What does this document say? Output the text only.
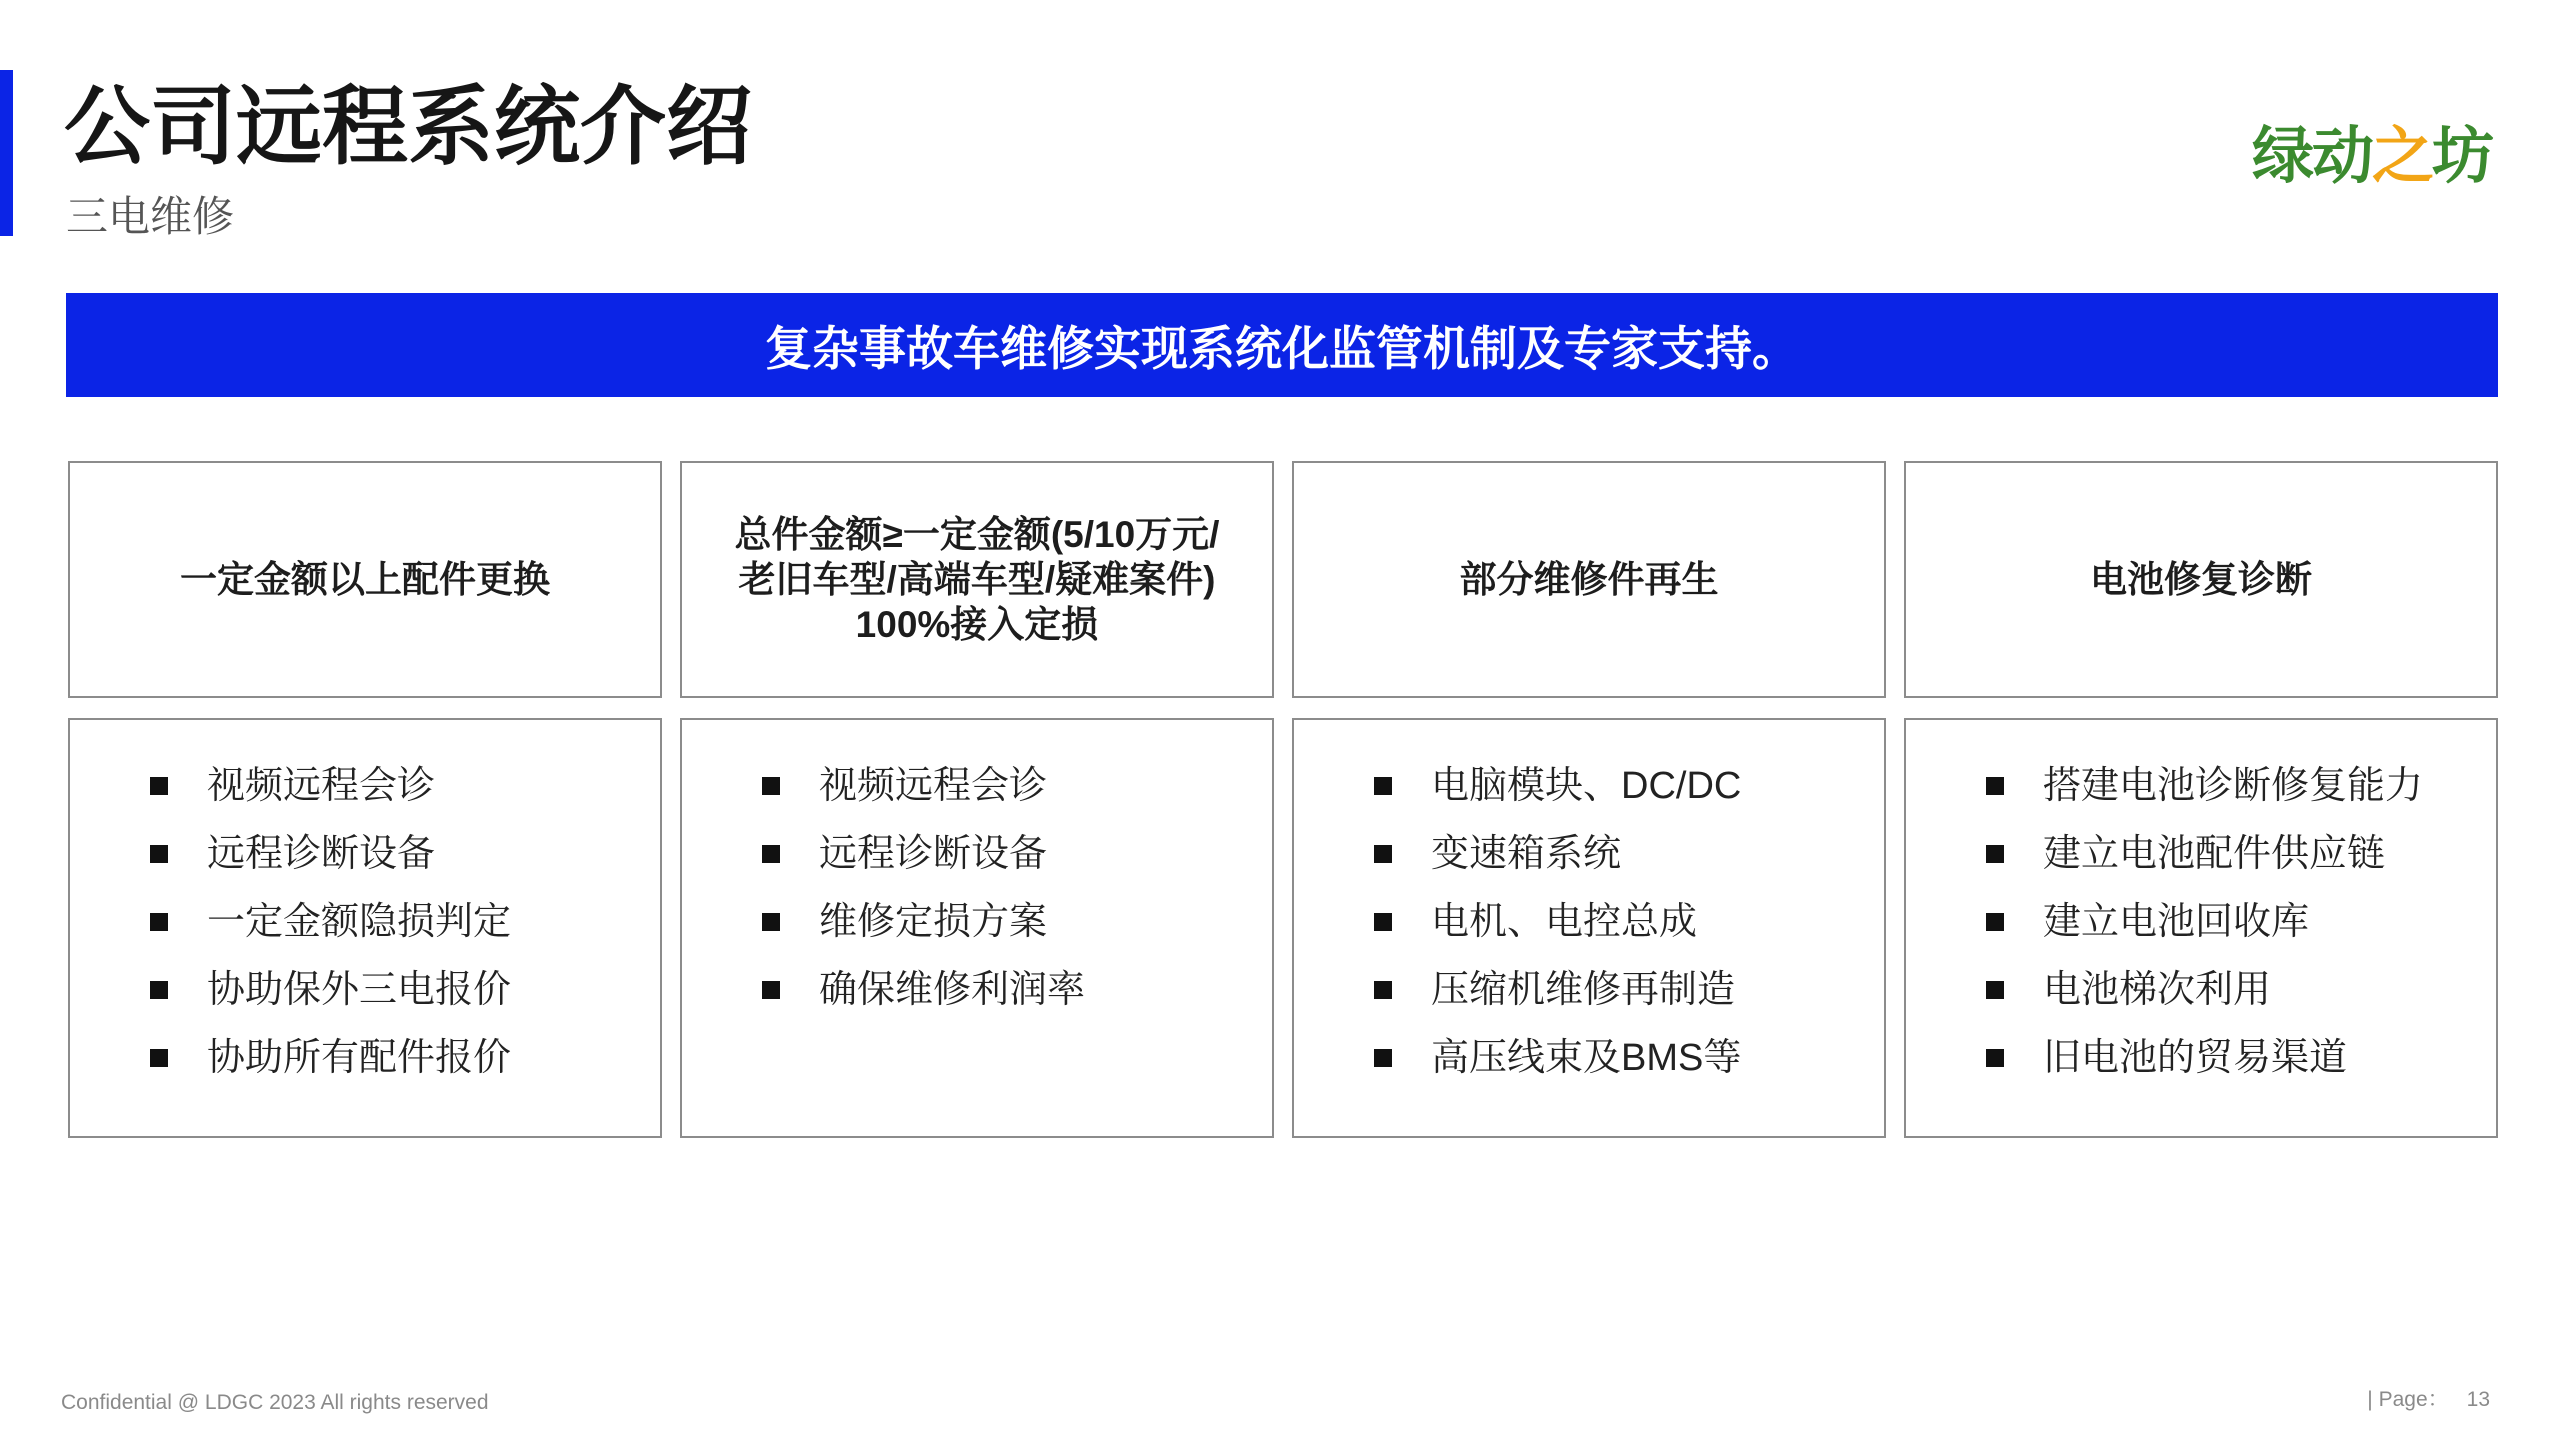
公司远程系统介绍
三电维修
绿动之坊
复杂事故车维修实现系统化监管机制及专家支持。
一定金额以上配件更换
总件金额≥一定金额(5/10万元/
老旧车型/高端车型/疑难案件)
100%接入定损
部分维修件再生	电池修复诊断
视频远程会诊
远程诊断设备
一定金额隐损判定
协助保外三电报价
协助所有配件报价
视频远程会诊
远程诊断设备
维修定损方案
确保维修利润率
电脑模块、DC/DC
变速箱系统
电机、电控总成
压缩机维修再制造
高压线束及BMS等
搭建电池诊断修复能力
建立电池配件供应链
建立电池回收库
电池梯次利用
旧电池的贸易渠道
Confidential @ LDGC 2023 All rights reserved	| Page： 13
